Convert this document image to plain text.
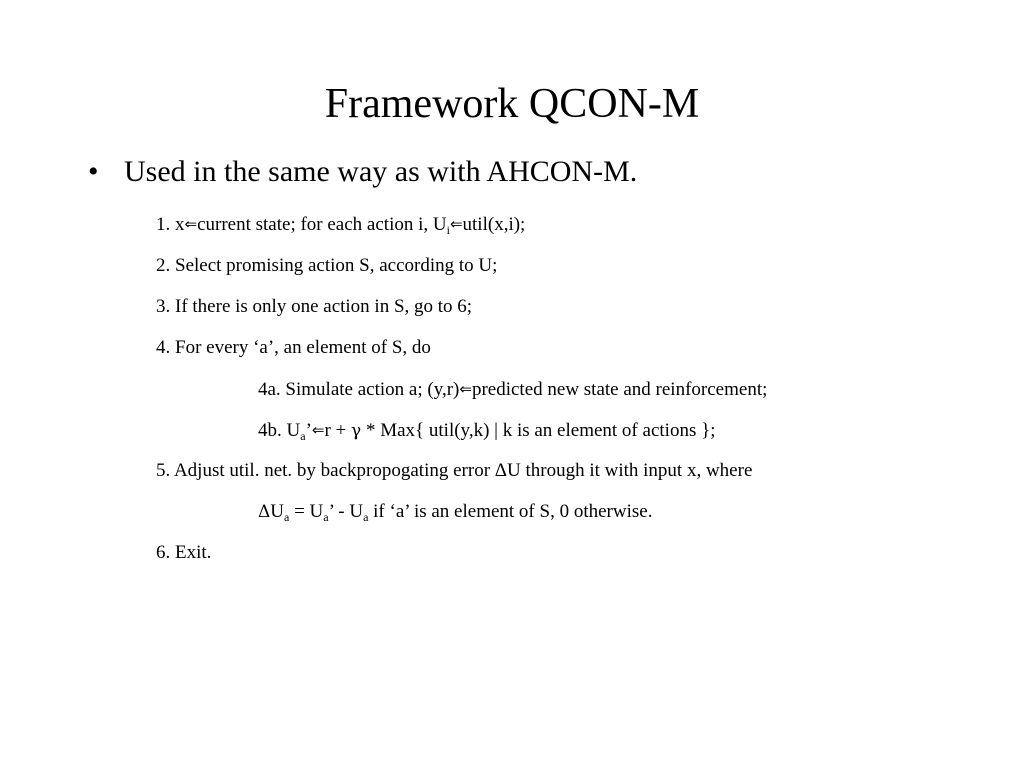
Framework QCON-M
• Used in the same way as with AHCON-M.
1. x⇐current state; for each action i, $U_i⇐util(x,i)$;
2. Select promising action S, according to U;
3. If there is only one action in S, go to 6;
4. For every ‘a’, an element of S, do
4a. Simulate action a; (y,r)⇐predicted new state and reinforcement;
4b. $U_a’⇐r + \gamma * Max${ util(y,k) | k is an element of actions };
5. Adjust util. net. by backpropogating error ΔU through it with input x, where
$\Delta U_a = U_a$’ - $U_a$ if ‘a’ is an element of S, 0 otherwise.
6. Exit.
